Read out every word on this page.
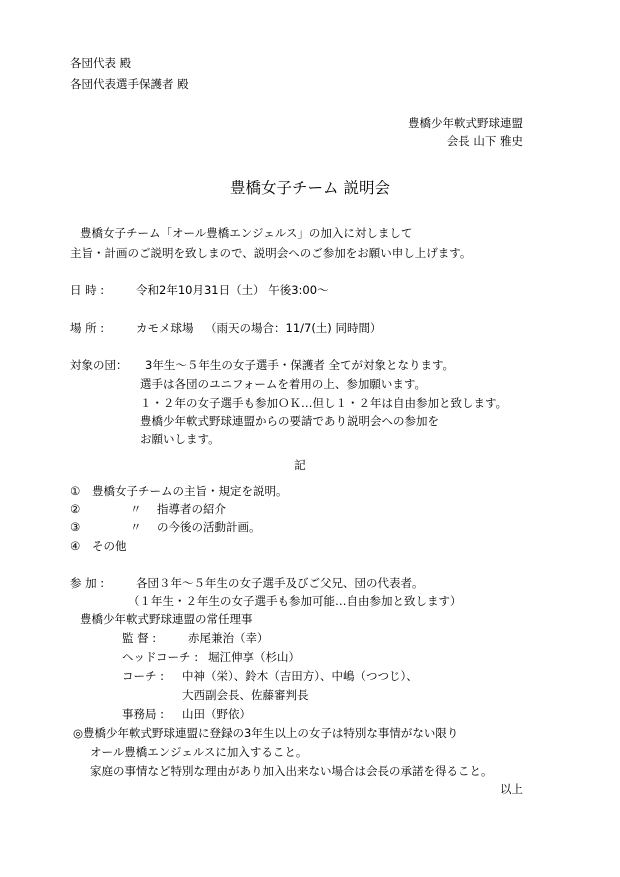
各団代表 殿
各団代表選手保護者 殿
豊橋少年軟式野球連盟
会長 山下 雅史
豊橋女子チーム 説明会
豊橋女子チーム「オール豊橋エンジェルス」の加入に対しまして
主旨・計画のご説明を致しまので、説明会へのご参加をお願い申し上げます。
日 時 :	令和2年10月31日（土） 午後3:00～
場 所 :	カモメ球場 （雨天の場合：11/7(土) 同時間）
対象の団： 3年生～５年生の女子選手・保護者 全てが対象となります。
選手は各団のユニフォームを着用の上、参加願います。
１・２年の女子選手も参加ＯＫ…但し１・２年は自由参加と致します。
豊橋少年軟式野球連盟からの要請であり説明会への参加を
お願いします。
記
① 豊橋女子チームの主旨・規定を説明。
②	〃 指導者の紹介
③	〃 の今後の活動計画。
④ その他
参 加 :	各団３年～５年生の女子選手及びご父兄、団の代表者。
（１年生・２年生の女子選手も参加可能…自由参加と致します）
豊橋少年軟式野球連盟の常任理事
監 督 :	赤尾兼治（幸）
ヘッドコーチ : 堀江伸享（杉山）
コーチ : 中神（栄）、鈴木（吉田方）、中嶋（つつじ）、
大西副会長、佐藤審判長
事務局 : 山田（野依）
◎豊橋少年軟式野球連盟に登録の3年生以上の女子は特別な事情がない限り
オール豊橋エンジェルスに加入すること。
家庭の事情など特別な理由があり加入出来ない場合は会長の承諾を得ること。
以上
